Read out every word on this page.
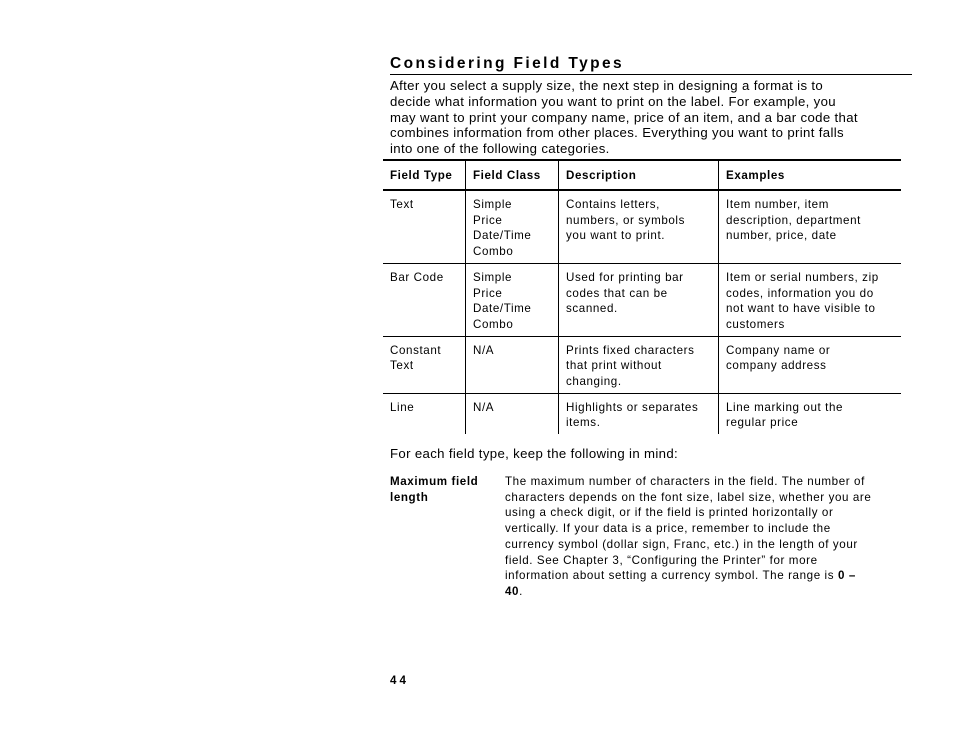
Considering Field Types

After you select a supply size, the next step in designing a format is to
decide what information you want to print on the label. For example, you
may want to print your company name, price of an item, and a bar code that
combines information from other places. Everything you want to print falls
into one of the following categories.

Field Type	Field Class	Description	Examples

Text	Simple
Price
Date/Time
Combo	Contains letters,
numbers, or symbols
you want to print.	Item number, item
description, department
number, price, date

Bar Code	Simple
Price
Date/Time
Combo	Used for printing bar
codes that can be
scanned.	Item or serial numbers, zip
codes, information you do
not want to have visible to
customers

Constant
Text	N/A	Prints fixed characters
that print without
changing.	Company name or
company address

Line	N/A	Highlights or separates
items.	Line marking out the
regular price

For each field type, keep the following in mind:

Maximum field
length
The maximum number of characters in the field. The number of
characters depends on the font size, label size, whether you are
using a check digit, or if the field is printed horizontally or
vertically. If your data is a price, remember to include the
currency symbol (dollar sign, Franc, etc.) in the length of your
field. See Chapter 3, “Configuring the Printer” for more
information about setting a currency symbol. The range is 0 –
40.
44
